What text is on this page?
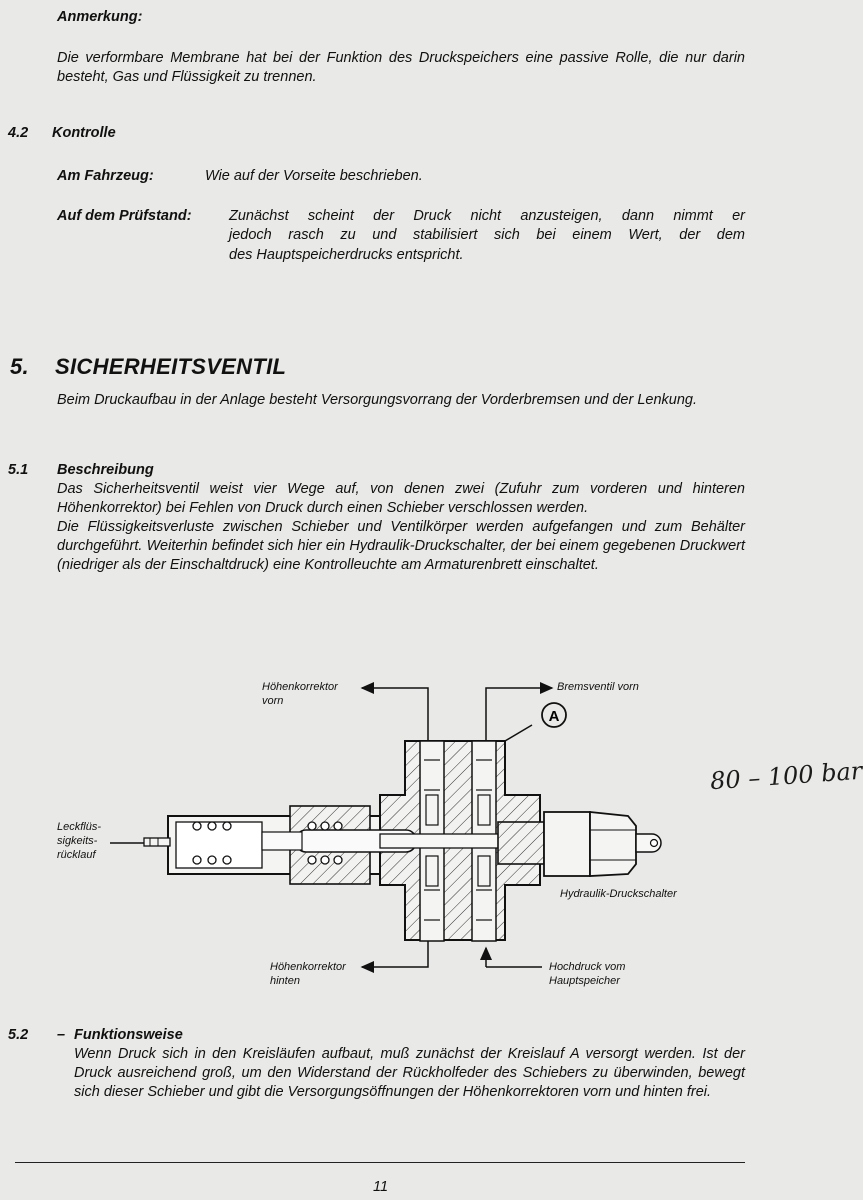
Anmerkung:

Die verformbare Membrane hat bei der Funktion des Druckspeichers eine passive Rolle, die nur darin besteht, Gas und Flüssigkeit zu trennen.

4.2 Kontrolle
Am Fahrzeug:	Wie auf der Vorseite beschrieben.
Auf dem Prüfstand:	Zunächst scheint der Druck nicht anzusteigen, dann nimmt er
jedoch rasch zu und stabilisiert sich bei einem Wert, der dem
des Hauptspeicherdrucks entspricht.
5. SICHERHEITSVENTIL

Beim Druckaufbau in der Anlage besteht Versorgungsvorrang der Vorderbremsen und der Lenkung.

5.1 Beschreibung

Das Sicherheitsventil weist vier Wege auf, von denen zwei (Zufuhr zum vorderen und hinteren Höhenkorrektor) bei Fehlen von Druck durch einen Schieber verschlossen werden.

Die Flüssigkeitsverluste zwischen Schieber und Ventilkörper werden aufgefangen und zum Behälter durchgeführt. Weiterhin befindet sich hier ein Hydraulik-Druckschalter, der bei einem gegebenen Druckwert (niedriger als der Einschaltdruck) eine Kontrolleuchte am Armaturenbrett einschaltet.

A
Höhenkorrektor
vorn
Bremsventil vorn
Leckflüs-
sigkeits-
rücklauf
Hydraulik-Druckschalter
Höhenkorrektor
hinten
Hochdruck vom
Hauptspeicher
80 – 100 bar
5.2 – Funktionsweise

Wenn Druck sich in den Kreisläufen aufbaut, muß zunächst der Kreislauf A versorgt werden. Ist der Druck ausreichend groß, um den Widerstand der Rückholfeder des Schiebers zu überwinden, bewegt sich dieser Schieber und gibt die Versorgungsöffnungen der Höhenkorrektoren vorn und hinten frei.

11
